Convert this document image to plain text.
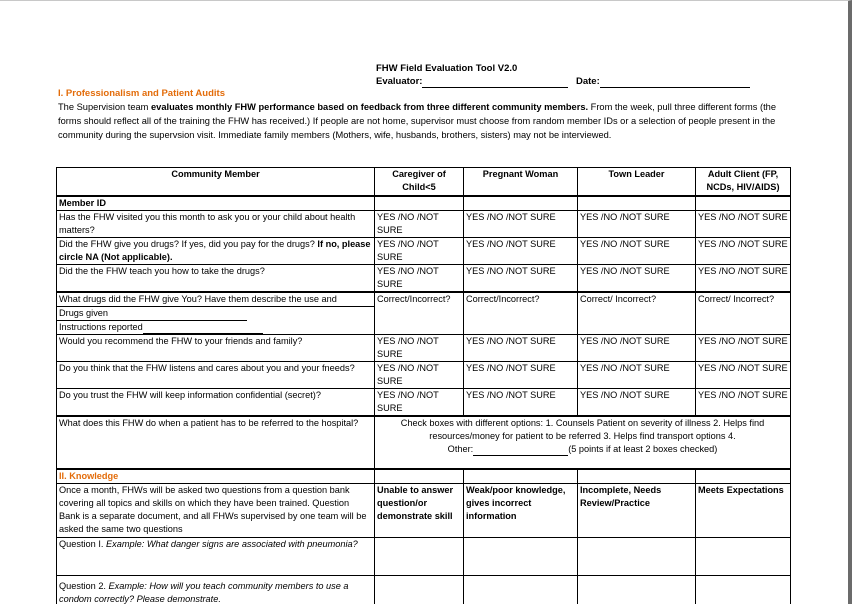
FHW Field Evaluation Tool V2.0
Evaluator:	Date:
I. Professionalism and Patient Audits
The Supervision team evaluates monthly FHW performance based on feedback from three different community members. From the week, pull three different forms (the forms should reflect all of the training the FHW has received.) If people are not home, supervisor must choose from random member IDs or a selection of people present in the community during the supervsion visit. Immediate family members (Mothers, wife, husbands, brothers, sisters) may not be interviewed.
Community Member	Caregiver of Child<5	Pregnant Woman	Town Leader	Adult Client (FP, NCDs, HIV/AIDS)
Member ID				
Has the FHW visited you this month to ask you or your child about health matters?	YES /NO /NOT SURE	YES /NO /NOT SURE	YES /NO /NOT SURE	YES /NO /NOT SURE
Did the FHW give you drugs? If yes, did you pay for the drugs? If no, please circle NA (Not applicable).	YES /NO /NOT SURE	YES /NO /NOT SURE	YES /NO /NOT SURE	YES /NO /NOT SURE
Did the the FHW teach you how to take the drugs?	YES /NO /NOT SURE	YES /NO /NOT SURE	YES /NO /NOT SURE	YES /NO /NOT SURE

What drugs did the FHW give You? Have them describe the use and
Drugs given
Instructions reported	Correct/Incorrect?	Correct/Incorrect?	Correct/ Incorrect?	Correct/ Incorrect?
Would you recommend the FHW to your friends and family?	YES /NO /NOT SURE	YES /NO /NOT SURE	YES /NO /NOT SURE	YES /NO /NOT SURE
Do you think that the FHW listens and cares about you and your fneeds?	YES /NO /NOT SURE	YES /NO /NOT SURE	YES /NO /NOT SURE	YES /NO /NOT SURE
Do you trust the FHW will keep information confidential (secret)?	YES /NO /NOT SURE	YES /NO /NOT SURE	YES /NO /NOT SURE	YES /NO /NOT SURE
What does this FHW do when a patient has to be referred to the hospital?	Check boxes with different options: 1. Counsels Patient on severity of illness 2. Helps find resources/money for patient to be referred 3. Helps find transport options 4.
Other: (5 points if at least 2 boxes checked)			
II. Knowledge				
Once a month, FHWs will be asked two questions from a question bank covering all topics and skills on which they have been trained. Question Bank is a separate document, and all FHWs supervised by one team will be asked the same two questions	Unable to answer question/or demonstrate skill	Weak/poor knowledge, gives incorrect information	Incomplete, Needs Review/Practice	Meets Expectations
Question I. Example: What danger signs are associated with pneumonia?				
Question 2. Example: How will you teach community members to use a condom correctly? Please demonstrate.				
